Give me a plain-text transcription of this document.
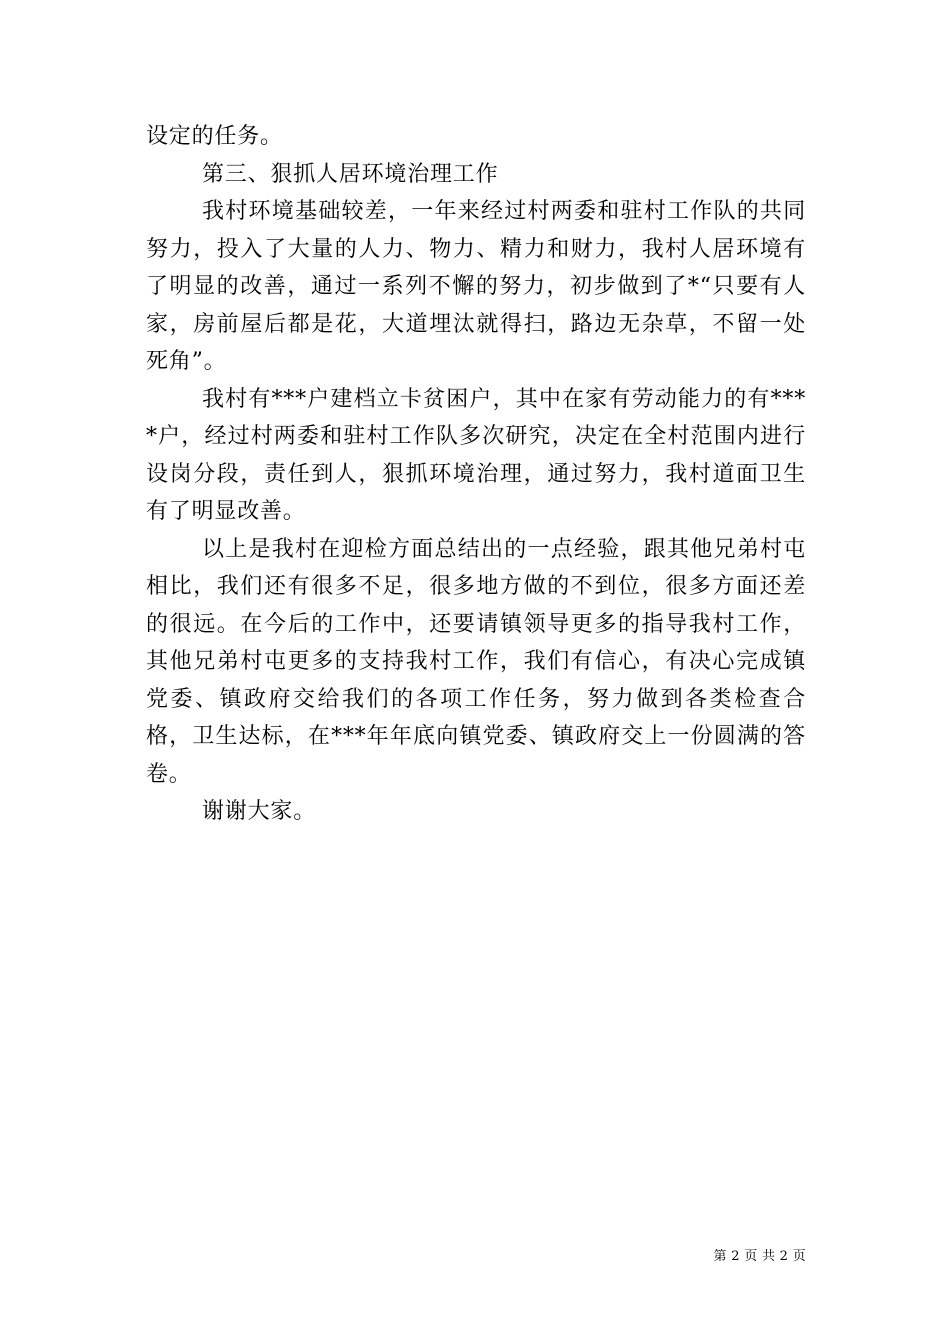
设定的任务。

第三、狠抓人居环境治理工作

我村环境基础较差，一年来经过村两委和驻村工作队的共同努力，投入了大量的人力、物力、精力和财力，我村人居环境有了明显的改善，通过一系列不懈的努力，初步做到了*“只要有人家，房前屋后都是花，大道埋汰就得扫，路边无杂草，不留一处死角”。

我村有***户建档立卡贫困户，其中在家有劳动能力的有****户，经过村两委和驻村工作队多次研究，决定在全村范围内进行设岗分段，责任到人，狠抓环境治理，通过努力，我村道面卫生有了明显改善。

以上是我村在迎检方面总结出的一点经验，跟其他兄弟村屯相比，我们还有很多不足，很多地方做的不到位，很多方面还差的很远。在今后的工作中，还要请镇领导更多的指导我村工作，其他兄弟村屯更多的支持我村工作，我们有信心，有决心完成镇党委、镇政府交给我们的各项工作任务，努力做到各类检查合格，卫生达标，在***年年底向镇党委、镇政府交上一份圆满的答卷。

谢谢大家。

第 2 页 共 2 页
